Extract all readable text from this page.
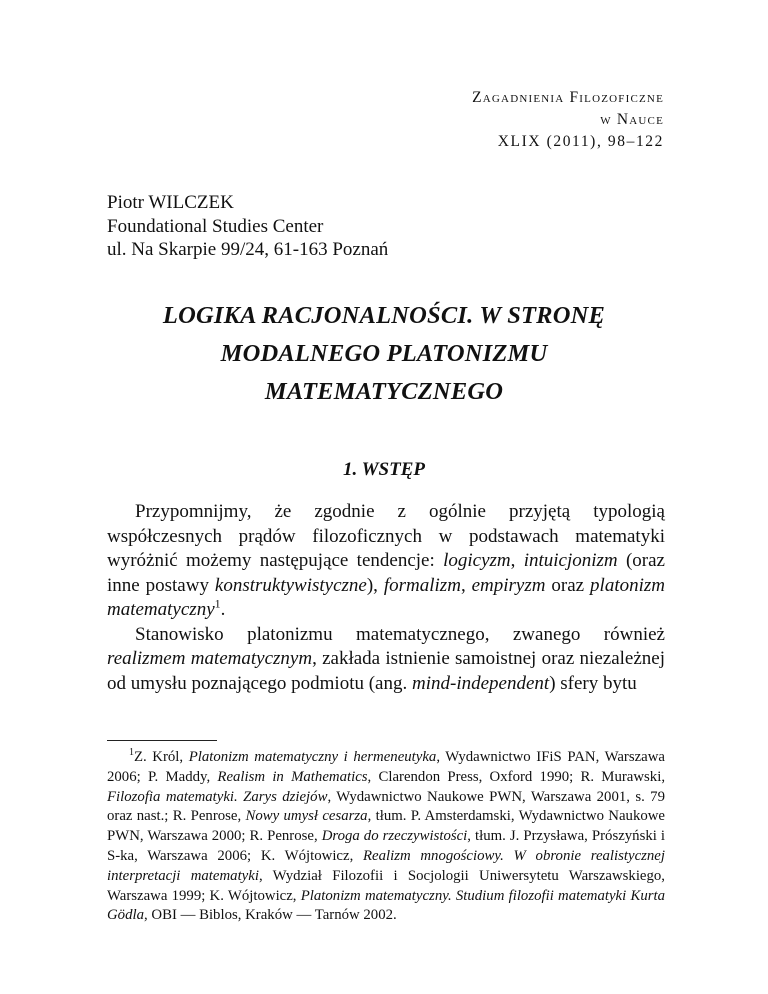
Zagadnienia Filozoficzne
w Nauce
XLIX (2011), 98–122
Piotr WILCZEK
Foundational Studies Center
ul. Na Skarpie 99/24, 61-163 Poznań
LOGIKA RACJONALNOŚCI. W STRONĘ
MODALNEGO PLATONIZMU
MATEMATYCZNEGO
1. WSTĘP

Przypomnijmy, że zgodnie z ogólnie przyjętą typologią współczesnych prądów filozoficznych w podstawach matematyki wyróżnić możemy następujące tendencje: logicyzm, intuicjonizm (oraz inne postawy konstruktywistyczne), formalizm, empiryzm oraz platonizm matematyczny$^1$.

Stanowisko platonizmu matematycznego, zwanego również realizmem matematycznym, zakłada istnienie samoistnej oraz niezależnej od umysłu poznającego podmiotu (ang. mind-independent) sfery bytu

$^1$Z. Król, Platonizm matematyczny i hermeneutyka, Wydawnictwo IFiS PAN, Warszawa 2006; P. Maddy, Realism in Mathematics, Clarendon Press, Oxford 1990; R. Murawski, Filozofia matematyki. Zarys dziejów, Wydawnictwo Naukowe PWN, Warszawa 2001, s. 79 oraz nast.; R. Penrose, Nowy umysł cesarza, tłum. P. Amsterdamski, Wydawnictwo Naukowe PWN, Warszawa 2000; R. Penrose, Droga do rzeczywistości, tłum. J. Przysława, Prószyński i S-ka, Warszawa 2006; K. Wójtowicz, Realizm mnogościowy. W obronie realistycznej interpretacji matematyki, Wydział Filozofii i Socjologii Uniwersytetu Warszawskiego, Warszawa 1999; K. Wójtowicz, Platonizm matematyczny. Studium filozofii matematyki Kurta Gödla, OBI — Biblos, Kraków — Tarnów 2002.
